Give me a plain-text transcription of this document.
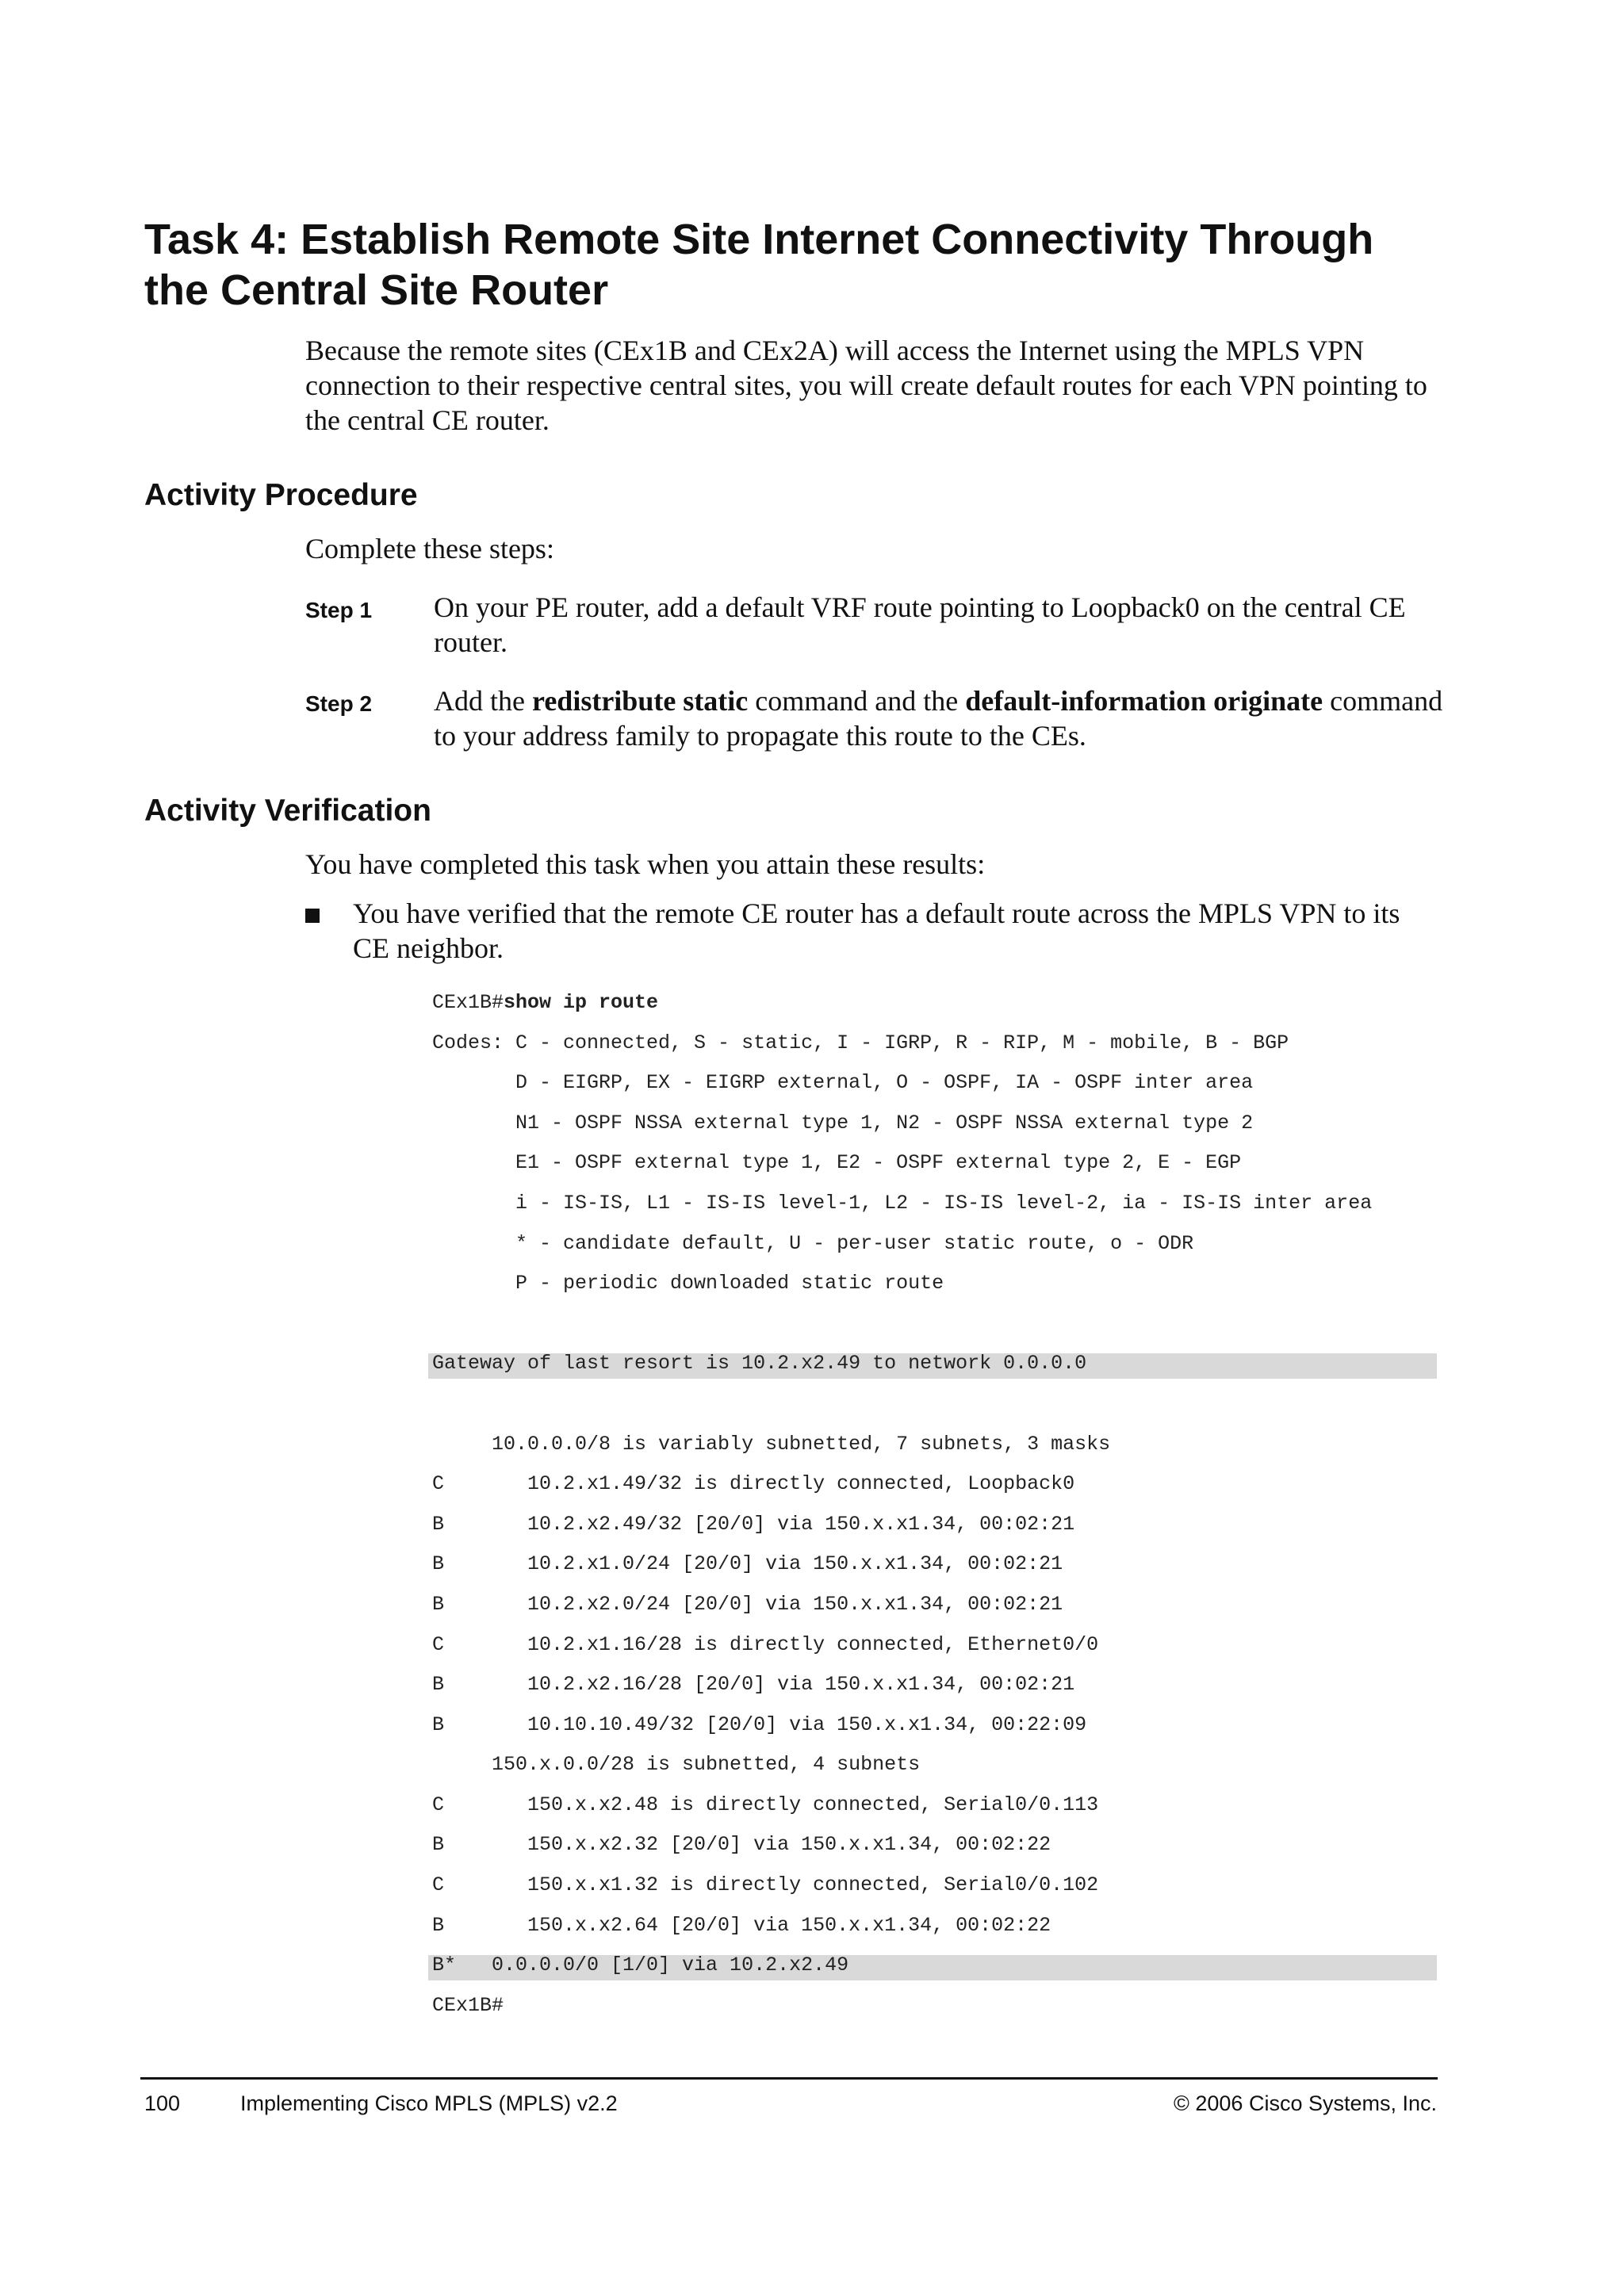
Task 4: Establish Remote Site Internet Connectivity Through the Central Site Router

Because the remote sites (CEx1B and CEx2A) will access the Internet using the MPLS VPN connection to their respective central sites, you will create default routes for each VPN pointing to the central CE router.

Activity Procedure

Complete these steps:

Step 1 On your PE router, add a default VRF route pointing to Loopback0 on the central CE router.
Step 2 Add the redistribute static command and the default-information originate command to your address family to propagate this route to the CEs.
Activity Verification

You have completed this task when you attain these results:

You have verified that the remote CE router has a default route across the MPLS VPN to its CE neighbor.
CEx1B#show ip route
Codes: C - connected, S - static, I - IGRP, R - RIP, M - mobile, B - BGP
D - EIGRP, EX - EIGRP external, O - OSPF, IA - OSPF inter area
N1 - OSPF NSSA external type 1, N2 - OSPF NSSA external type 2
E1 - OSPF external type 1, E2 - OSPF external type 2, E - EGP
i - IS-IS, L1 - IS-IS level-1, L2 - IS-IS level-2, ia - IS-IS inter area
* - candidate default, U - per-user static route, o - ODR
P - periodic downloaded static route
Gateway of last resort is 10.2.x2.49 to network 0.0.0.0
10.0.0.0/8 is variably subnetted, 7 subnets, 3 masks
C       10.2.x1.49/32 is directly connected, Loopback0
B       10.2.x2.49/32 [20/0] via 150.x.x1.34, 00:02:21
B       10.2.x1.0/24 [20/0] via 150.x.x1.34, 00:02:21
B       10.2.x2.0/24 [20/0] via 150.x.x1.34, 00:02:21
C       10.2.x1.16/28 is directly connected, Ethernet0/0
B       10.2.x2.16/28 [20/0] via 150.x.x1.34, 00:02:21
B       10.10.10.49/32 [20/0] via 150.x.x1.34, 00:22:09
150.x.0.0/28 is subnetted, 4 subnets
C       150.x.x2.48 is directly connected, Serial0/0.113
B       150.x.x2.32 [20/0] via 150.x.x1.34, 00:02:22
C       150.x.x1.32 is directly connected, Serial0/0.102
B       150.x.x2.64 [20/0] via 150.x.x1.34, 00:02:22
B*   0.0.0.0/0 [1/0] via 10.2.x2.49
CEx1B#
100	Implementing Cisco MPLS (MPLS) v2.2	© 2006 Cisco Systems, Inc.
